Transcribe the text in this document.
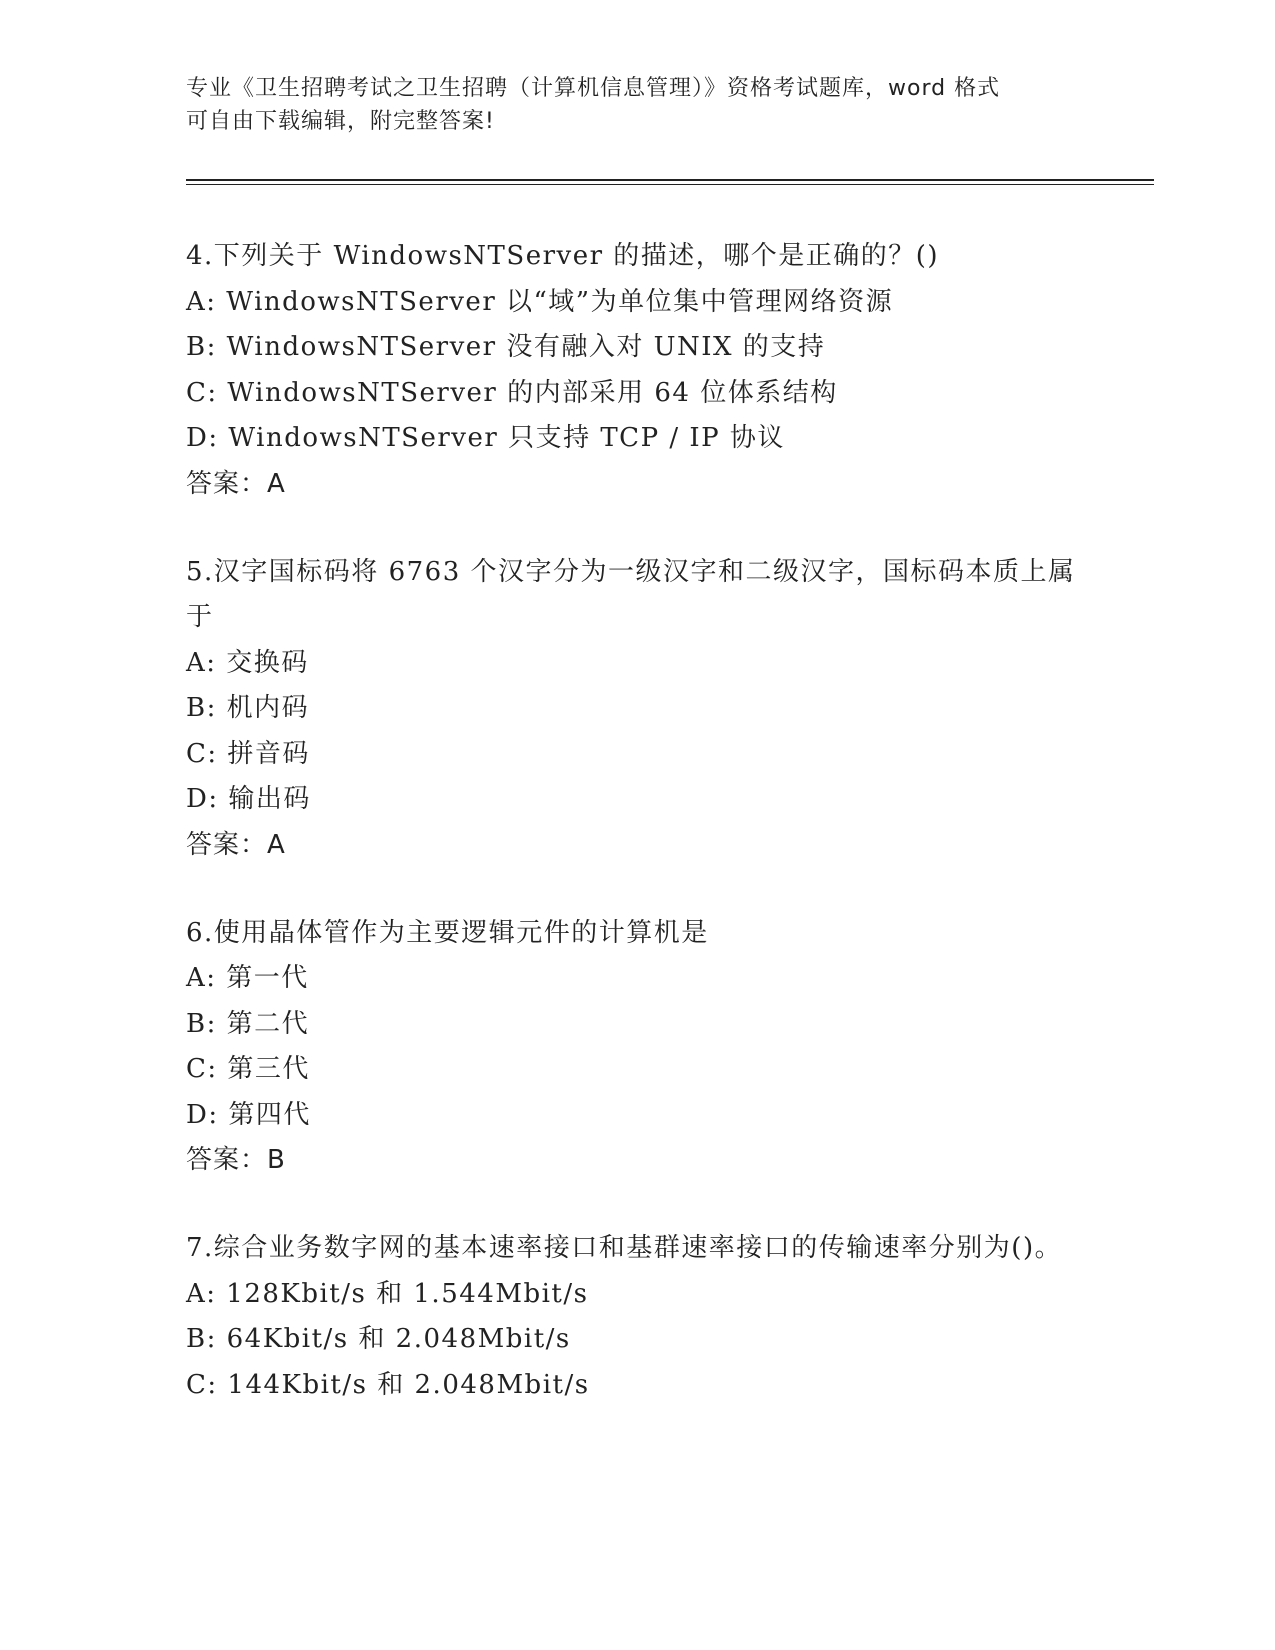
专业《卫生招聘考试之卫生招聘（计算机信息管理）》资格考试题库，word 格式
可自由下载编辑，附完整答案!
4.下列关于 WindowsNTServer 的描述，哪个是正确的？()
A: WindowsNTServer 以“域”为单位集中管理网络资源
B: WindowsNTServer 没有融入对 UNIX 的支持
C: WindowsNTServer 的内部采用 64 位体系结构
D: WindowsNTServer 只支持 TCP / IP 协议
答案：A
5.汉字国标码将 6763 个汉字分为一级汉字和二级汉字，国标码本质上属于
A: 交换码
B: 机内码
C: 拼音码
D: 输出码
答案：A
6.使用晶体管作为主要逻辑元件的计算机是
A: 第一代
B: 第二代
C: 第三代
D: 第四代
答案：B
7.综合业务数字网的基本速率接口和基群速率接口的传输速率分别为()。
A: 128Kbit/s 和 1.544Mbit/s
B: 64Kbit/s 和 2.048Mbit/s
C: 144Kbit/s 和 2.048Mbit/s
